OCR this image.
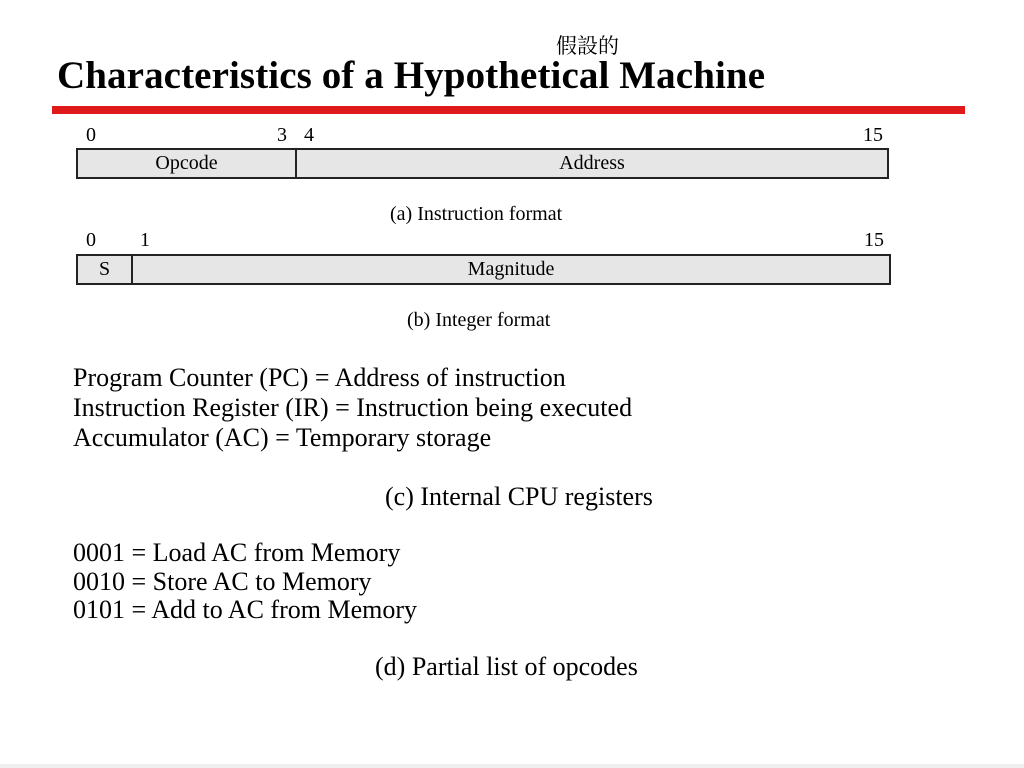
假設的
Characteristics of a Hypothetical Machine
0	3 4	15
Opcode	Address
(a) Instruction format
0 1	15
S	Magnitude
(b) Integer format
Program Counter (PC) = Address of instruction
Instruction Register (IR) = Instruction being executed
Accumulator (AC) = Temporary storage
(c) Internal CPU registers
0001 = Load AC from Memory
0010 = Store AC to Memory
0101 = Add to AC from Memory
(d) Partial list of opcodes
